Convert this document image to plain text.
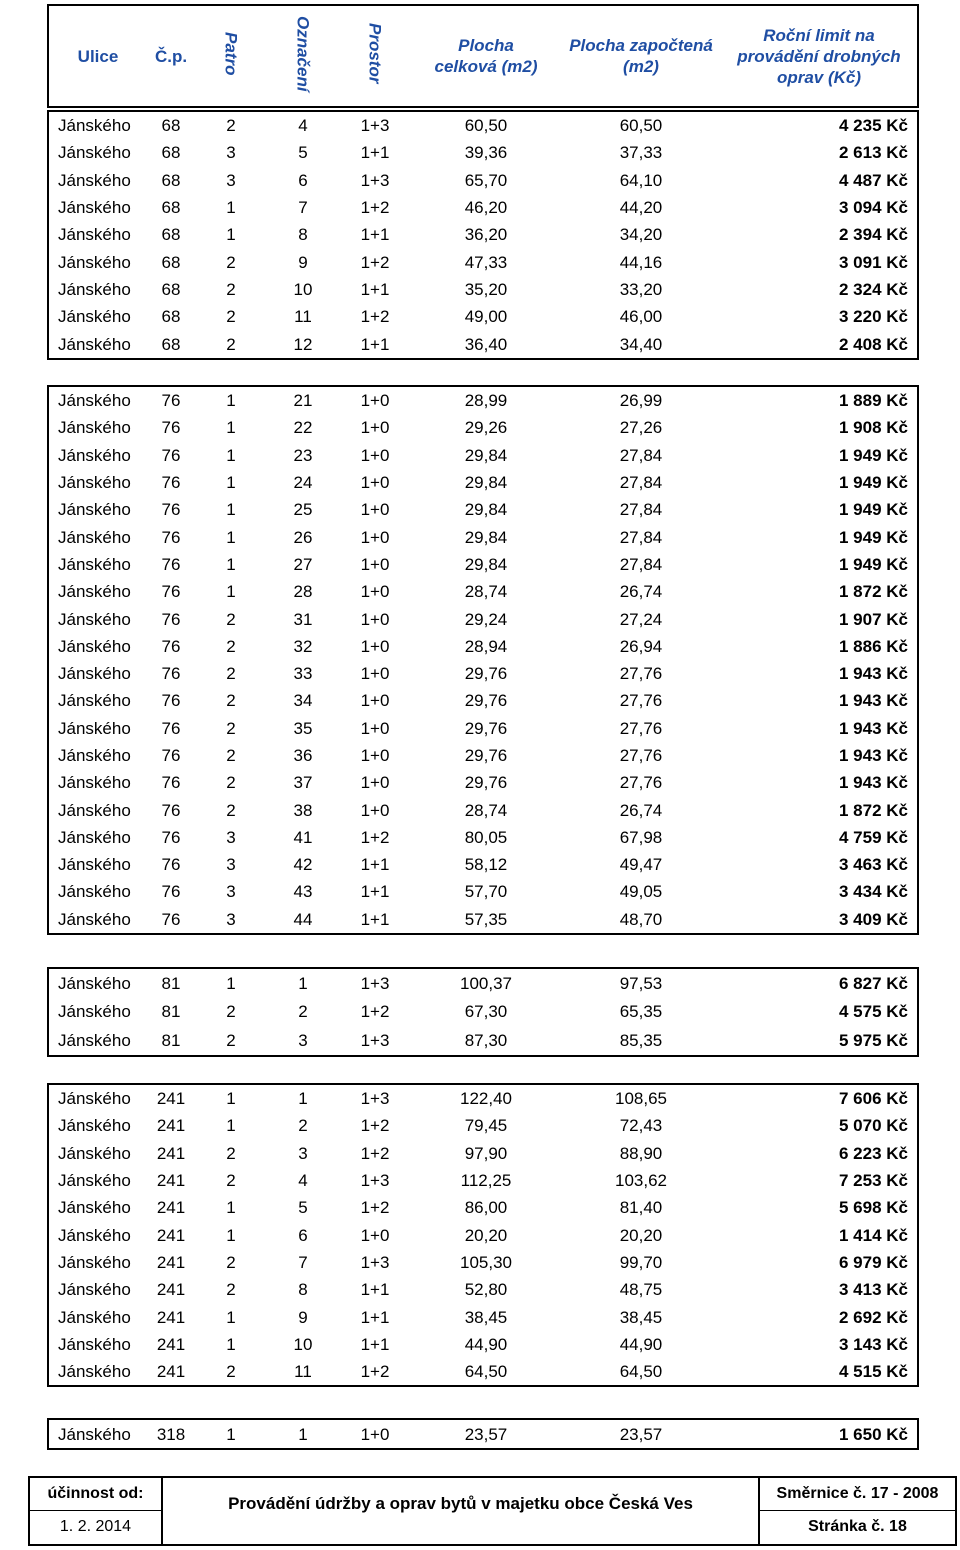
Ulice	Č.p.	Patro	Označení	Prostor	Plocha celková (m2)	Plocha započtená (m2)	Roční limit na provádění drobných oprav (Kč)
Jánského	68	2	4	1+3	60,50	60,50	4 235 Kč
Jánského	68	3	5	1+1	39,36	37,33	2 613 Kč
Jánského	68	3	6	1+3	65,70	64,10	4 487 Kč
Jánského	68	1	7	1+2	46,20	44,20	3 094 Kč
Jánského	68	1	8	1+1	36,20	34,20	2 394 Kč
Jánského	68	2	9	1+2	47,33	44,16	3 091 Kč
Jánského	68	2	10	1+1	35,20	33,20	2 324 Kč
Jánského	68	2	11	1+2	49,00	46,00	3 220 Kč
Jánského	68	2	12	1+1	36,40	34,40	2 408 Kč
Jánského	76	1	21	1+0	28,99	26,99	1 889 Kč
Jánského	76	1	22	1+0	29,26	27,26	1 908 Kč
Jánského	76	1	23	1+0	29,84	27,84	1 949 Kč
Jánského	76	1	24	1+0	29,84	27,84	1 949 Kč
Jánského	76	1	25	1+0	29,84	27,84	1 949 Kč
Jánského	76	1	26	1+0	29,84	27,84	1 949 Kč
Jánského	76	1	27	1+0	29,84	27,84	1 949 Kč
Jánského	76	1	28	1+0	28,74	26,74	1 872 Kč
Jánského	76	2	31	1+0	29,24	27,24	1 907 Kč
Jánského	76	2	32	1+0	28,94	26,94	1 886 Kč
Jánského	76	2	33	1+0	29,76	27,76	1 943 Kč
Jánského	76	2	34	1+0	29,76	27,76	1 943 Kč
Jánského	76	2	35	1+0	29,76	27,76	1 943 Kč
Jánského	76	2	36	1+0	29,76	27,76	1 943 Kč
Jánského	76	2	37	1+0	29,76	27,76	1 943 Kč
Jánského	76	2	38	1+0	28,74	26,74	1 872 Kč
Jánského	76	3	41	1+2	80,05	67,98	4 759 Kč
Jánského	76	3	42	1+1	58,12	49,47	3 463 Kč
Jánského	76	3	43	1+1	57,70	49,05	3 434 Kč
Jánského	76	3	44	1+1	57,35	48,70	3 409 Kč
Jánského	81	1	1	1+3	100,37	97,53	6 827 Kč
Jánského	81	2	2	1+2	67,30	65,35	4 575 Kč
Jánského	81	2	3	1+3	87,30	85,35	5 975 Kč
Jánského	241	1	1	1+3	122,40	108,65	7 606 Kč
Jánského	241	1	2	1+2	79,45	72,43	5 070 Kč
Jánského	241	2	3	1+2	97,90	88,90	6 223 Kč
Jánského	241	2	4	1+3	112,25	103,62	7 253 Kč
Jánského	241	1	5	1+2	86,00	81,40	5 698 Kč
Jánského	241	1	6	1+0	20,20	20,20	1 414 Kč
Jánského	241	2	7	1+3	105,30	99,70	6 979 Kč
Jánského	241	2	8	1+1	52,80	48,75	3 413 Kč
Jánského	241	1	9	1+1	38,45	38,45	2 692 Kč
Jánského	241	1	10	1+1	44,90	44,90	3 143 Kč
Jánského	241	2	11	1+2	64,50	64,50	4 515 Kč
Jánského	318	1	1	1+0	23,57	23,57	1 650 Kč
účinnost od:
1. 2. 2014
Provádění údržby a oprav bytů v majetku obce Česká Ves
Směrnice č. 17 - 2008
Stránka č. 18
